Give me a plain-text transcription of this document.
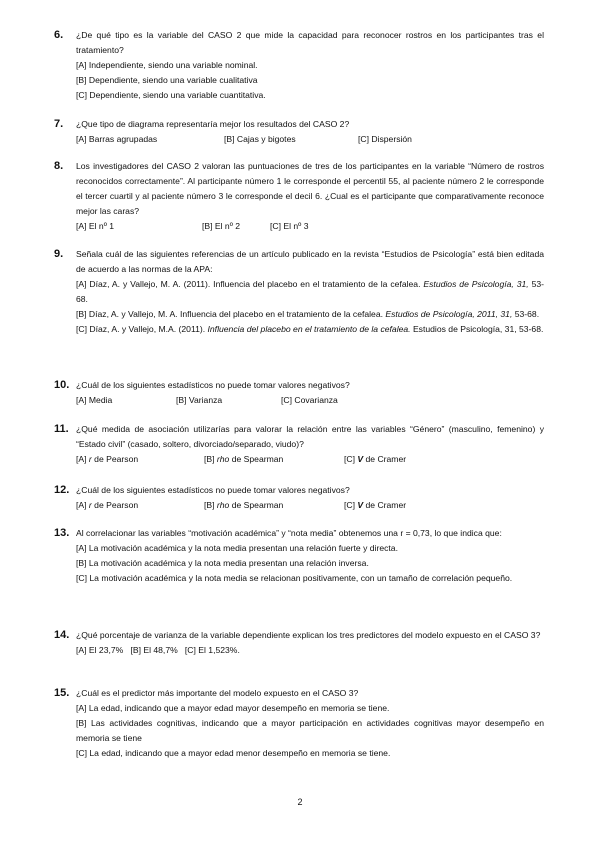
6. ¿De qué tipo es la variable del CASO 2 que mide la capacidad para reconocer rostros en los participantes tras el tratamiento?
[A] Independiente, siendo una variable nominal.
[B] Dependiente, siendo una variable cualitativa
[C] Dependiente, siendo una variable cuantitativa.
7. ¿Que tipo de diagrama representaría mejor los resultados del CASO 2?
[A] Barras agrupadas	[B] Cajas y bigotes	[C] Dispersión
8. Los investigadores del CASO 2 valoran las puntuaciones de tres de los participantes en la variable “Número de rostros reconocidos correctamente”. Al participante número 1 le corresponde el percentil 55, al paciente número 2 le corresponde el tercer cuartil y al paciente número 3 le corresponde el decil 6. ¿Cual es el participante que comparativamente reconoce mejor las caras?
[A] El nº 1	[B] El nº 2	[C] El nº 3
9. Señala cuál de las siguientes referencias de un artículo publicado en la revista “Estudios de Psicología” está bien editada de acuerdo a las normas de la APA:
[A] Díaz, A. y Vallejo, M. A. (2011). Influencia del placebo en el tratamiento de la cefalea. Estudios de Psicología, 31, 53-68.
[B] Díaz, A. y Vallejo, M. A. Influencia del placebo en el tratamiento de la cefalea. Estudios de Psicología, 2011, 31, 53-68.
[C] Díaz, A. y Vallejo, M.A. (2011). Influencia del placebo en el tratamiento de la cefalea. Estudios de Psicología, 31, 53-68.
10. ¿Cuál de los siguientes estadísticos no puede tomar valores negativos?
[A] Media	[B] Varianza	[C] Covarianza
11. ¿Qué medida de asociación utilizarías para valorar la relación entre las variables “Género” (masculino, femenino) y “Estado civil” (casado, soltero, divorciado/separado, viudo)?
[A] r de Pearson	[B] rho de Spearman	[C] V de Cramer
12. ¿Cuál de los siguientes estadísticos no puede tomar valores negativos?
[A] r de Pearson	[B] rho de Spearman	[C] V de Cramer
13. Al correlacionar las variables “motivación académica” y “nota media” obtenemos una r = 0,73, lo que indica que:
[A] La motivación académica y la nota media presentan una relación fuerte y directa.
[B] La motivación académica y la nota media presentan una relación inversa.
[C] La motivación académica y la nota media se relacionan positivamente, con un tamaño de correlación pequeño.
14. ¿Qué porcentaje de varianza de la variable dependiente explican los tres predictores del modelo expuesto en el CASO 3?
[A] El 23,7%   [B] El 48,7%   [C] El 1,523%.
15. ¿Cuál es el predictor más importante del modelo expuesto en el CASO 3?
[A] La edad, indicando que a mayor edad mayor desempeño en memoria se tiene.
[B] Las actividades cognitivas, indicando que a mayor participación en actividades cognitivas mayor desempeño en memoria se tiene
[C] La edad, indicando que a mayor edad menor desempeño en memoria se tiene.
2
